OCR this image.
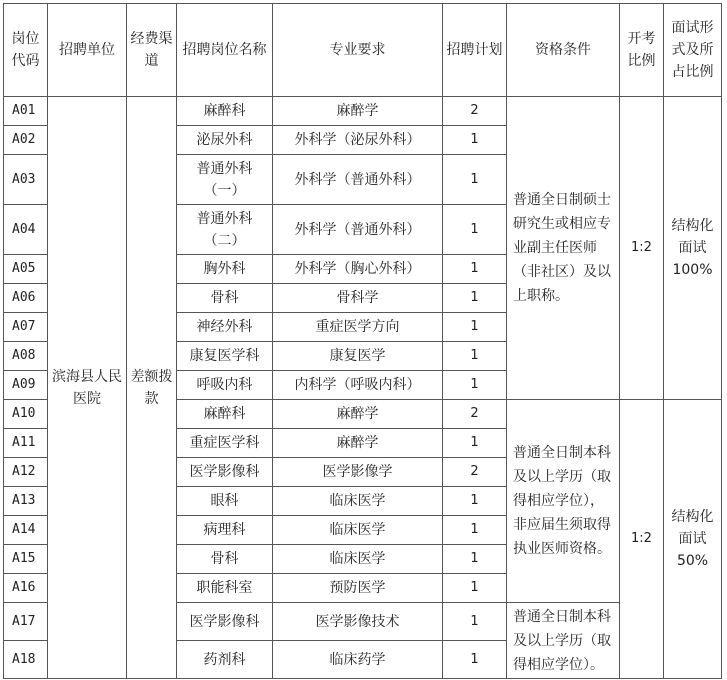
岗位代码	招聘单位	经费渠道	招聘岗位名称	专业要求	招聘计划	资格条件	开考比例	面试形式及所占比例
A01	滨海县人民医院	差额拨款	麻醉科	麻醉学	2	普通全日制硕士研究生或相应专业副主任医师（非社区）及以上职称。	1:2	结构化面试100%
A02			泌尿外科	外科学（泌尿外科）	1			
A03			普通外科（一）	外科学（普通外科）	1			
A04			普通外科（二）	外科学（普通外科）	1			
A05			胸外科	外科学（胸心外科）	1			
A06			骨科	骨科学	1			
A07			神经外科	重症医学方向	1			
A08			康复医学科	康复医学	1			
A09			呼吸内科	内科学（呼吸内科）	1			
A10			麻醉科	麻醉学	2	普通全日制本科及以上学历（取得相应学位），非应届生须取得执业医师资格。	1:2	结构化面试50%
A11			重症医学科	麻醉学	1			
A12			医学影像科	医学影像学	2			
A13			眼科	临床医学	1			
A14			病理科	临床医学	1			
A15			骨科	临床医学	1			
A16			职能科室	预防医学	1			
A17			医学影像科	医学影像技术	1	普通全日制本科及以上学历（取得相应学位）。		
A18			药剂科	临床药学	1			
